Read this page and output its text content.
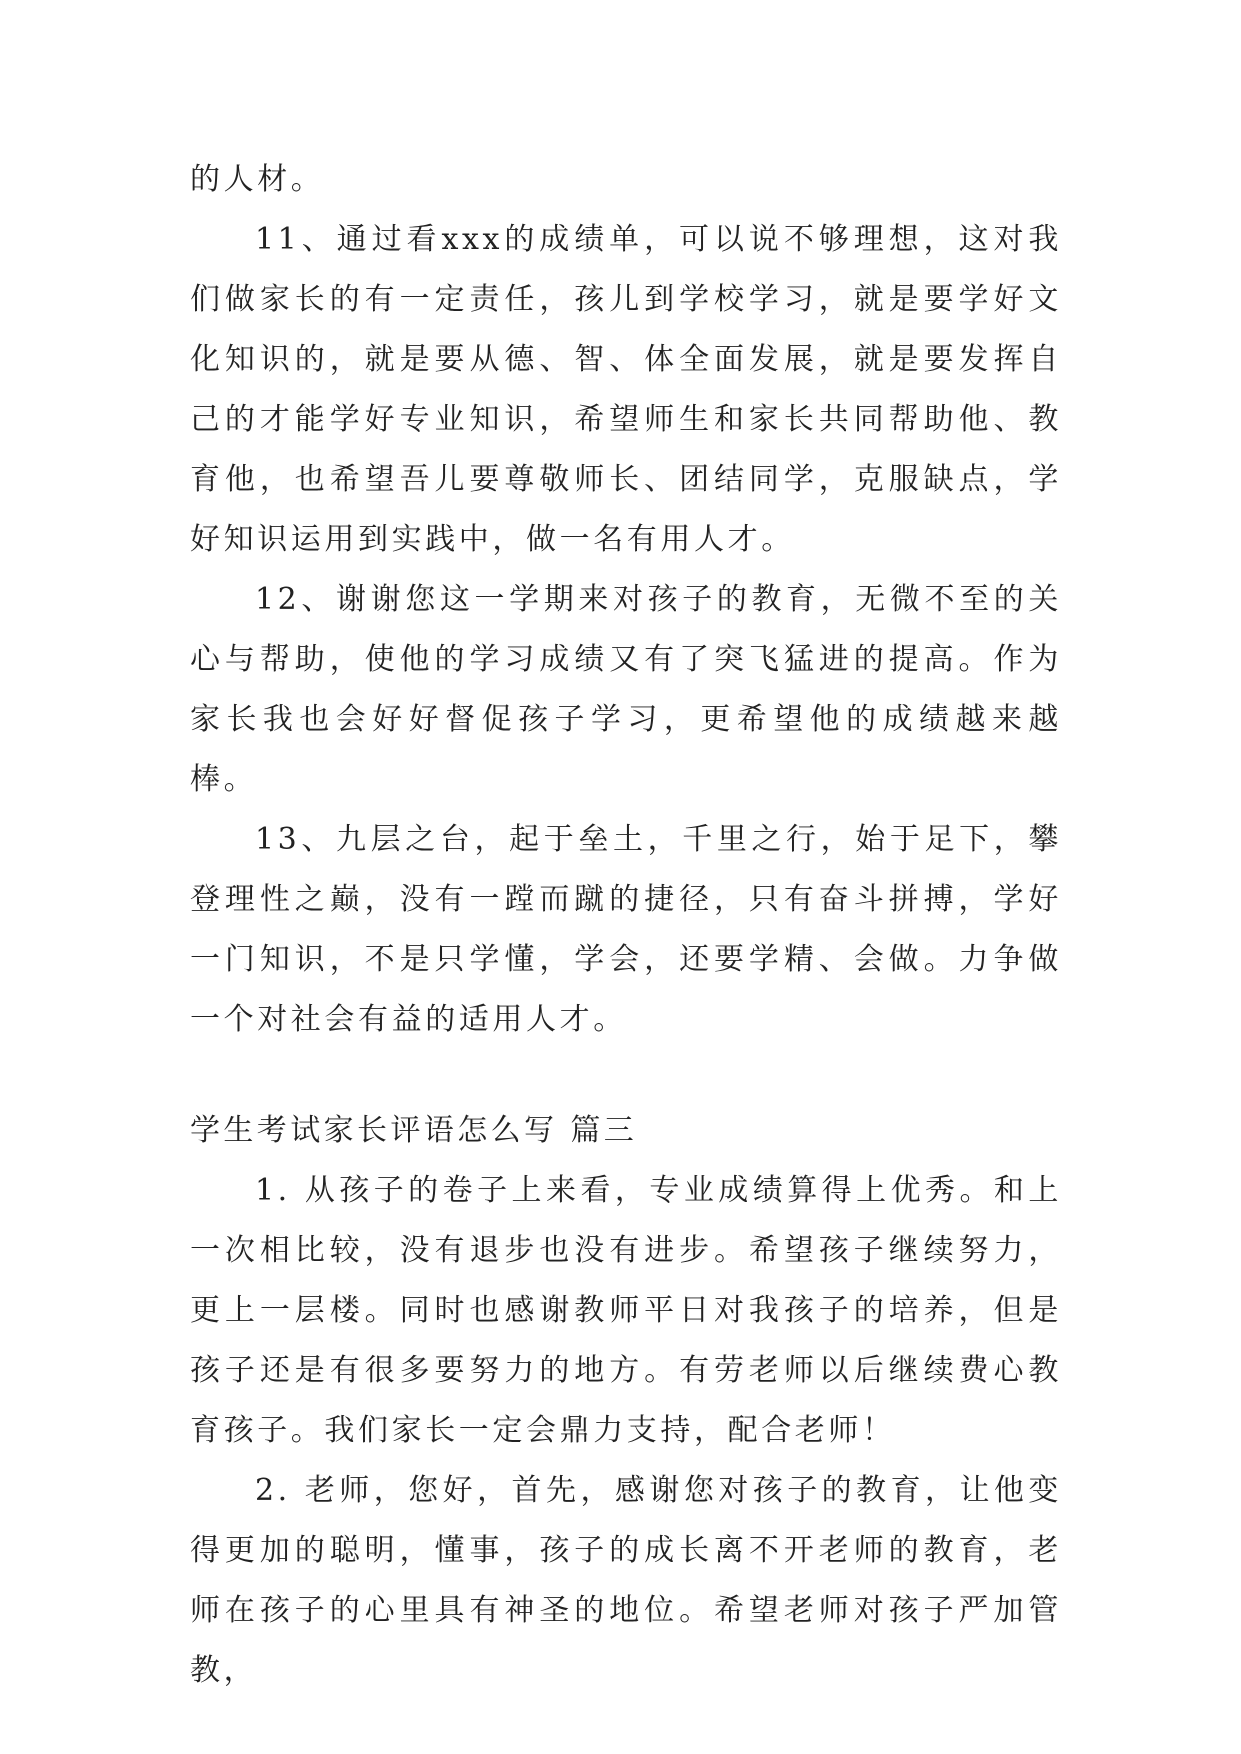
的人材。

11、通过看xxx的成绩单，可以说不够理想，这对我们做家长的有一定责任，孩儿到学校学习，就是要学好文化知识的，就是要从德、智、体全面发展，就是要发挥自己的才能学好专业知识，希望师生和家长共同帮助他、教育他，也希望吾儿要尊敬师长、团结同学，克服缺点，学好知识运用到实践中，做一名有用人才。

12、谢谢您这一学期来对孩子的教育，无微不至的关心与帮助，使他的学习成绩又有了突飞猛进的提高。作为家长我也会好好督促孩子学习，更希望他的成绩越来越棒。

13、九层之台，起于垒土，千里之行，始于足下，攀登理性之巅，没有一蹚而蹴的捷径，只有奋斗拼搏，学好一门知识，不是只学懂，学会，还要学精、会做。力争做一个对社会有益的适用人才。

学生考试家长评语怎么写 篇三

1. 从孩子的卷子上来看，专业成绩算得上优秀。和上一次相比较，没有退步也没有进步。希望孩子继续努力，更上一层楼。同时也感谢教师平日对我孩子的培养，但是孩子还是有很多要努力的地方。有劳老师以后继续费心教育孩子。我们家长一定会鼎力支持，配合老师！

2. 老师，您好，首先，感谢您对孩子的教育，让他变得更加的聪明，懂事，孩子的成长离不开老师的教育，老师在孩子的心里具有神圣的地位。希望老师对孩子严加管教，
